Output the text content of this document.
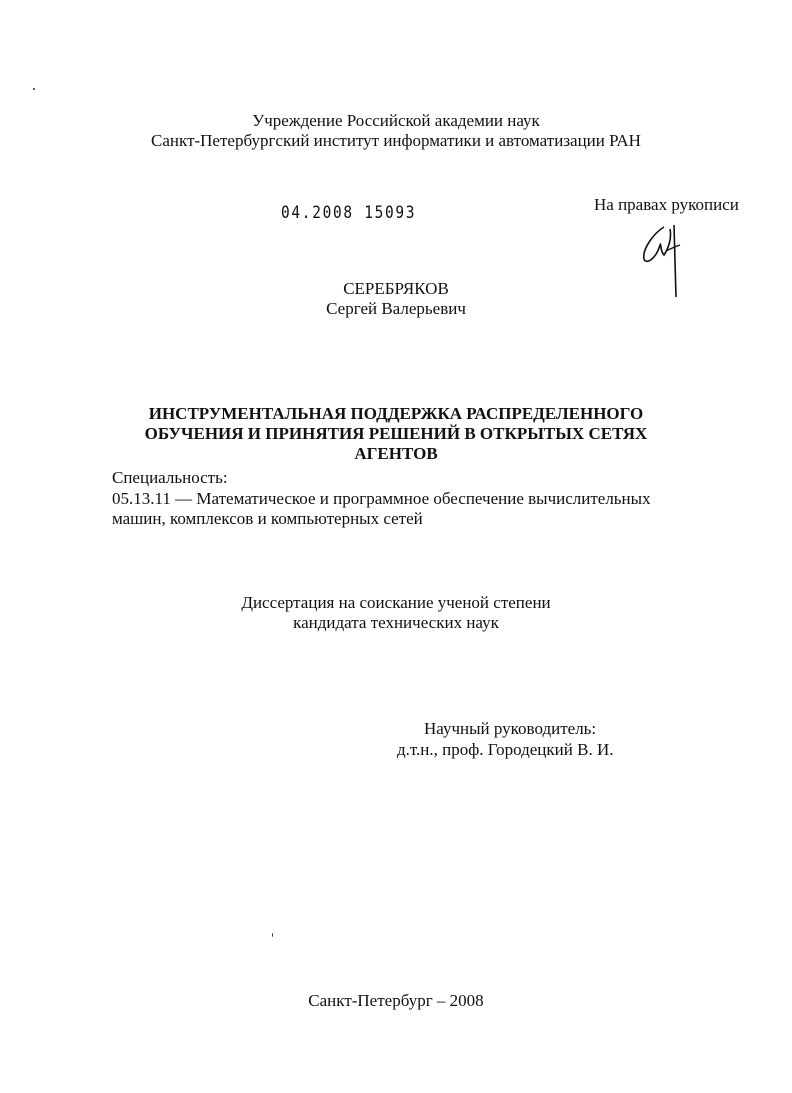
Учреждение Российской академии наук
Санкт-Петербургский институт информатики и автоматизации РАН
04.2008 15093	На правах рукописи
СЕРЕБРЯКОВ
Сергей Валерьевич
ИНСТРУМЕНТАЛЬНАЯ ПОДДЕРЖКА РАСПРЕДЕЛЕННОГО
ОБУЧЕНИЯ И ПРИНЯТИЯ РЕШЕНИЙ В ОТКРЫТЫХ СЕТЯХ
АГЕНТОВ
Специальность:
05.13.11 — Математическое и программное обеспечение вычислительных
машин, комплексов и компьютерных сетей
Диссертация на соискание ученой степени
кандидата технических наук
Научный руководитель:
д.т.н., проф. Городецкий В. И.
Санкт-Петербург – 2008
